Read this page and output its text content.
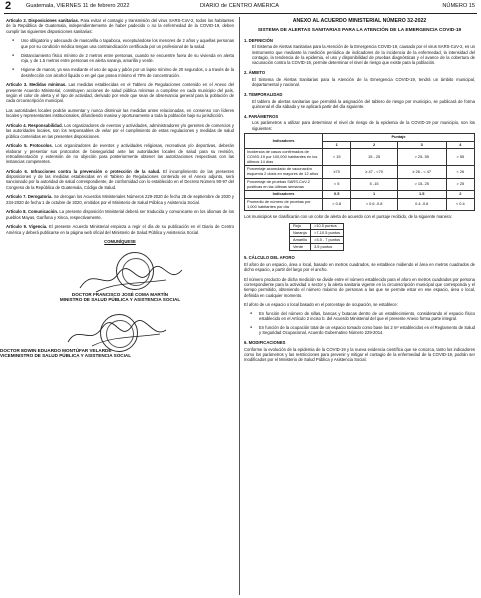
2	Guatemala, VIERNES 11 de febrero 2022	DIARIO de CENTRO AMÉRICA	NÚMERO 15

Artículo 2. Disposiciones sanitarias. Para evitar el contagio y transmisión del virus SARS-CoV-2, todos los habitantes de la República de Guatemala, independientemente de haber padecido o no la enfermedad de la COVID-19, deben cumplir las siguientes disposiciones sanitarias:

● Uso obligatorio y adecuado de mascarilla o tapaboca, exceptuándose los menores de 2 años y aquellas personas que por su condición médica tengan una contraindicación certificada por un profesional de la salud.
● Distanciamiento físico mínimo de 2 metros entre personas, cuando se encuentre fuera de su vivienda en alerta roja, y de 1.5 metros entre personas en alerta naranja, amarilla y verde.
● Higiene de manos, ya sea mediante el uso de agua y jabón por un lapso mínimo de 20 segundos, o a través de la desinfección con alcohol líquido o en gel que posea mínimo el 70% de concentración.

Artículo 3. Medidas mínimas. Las medidas establecidas en el Tablero de Regulaciones contenido en el Anexo del presente Acuerdo Ministerial, constituyen acciones de salud pública mínimas a cumplirse en cada municipio del país, según el color de alerta y el tipo de actividad, derivado por ende que sean de observancia general para la población de cada circunscripción municipal.

Las autoridades locales podrán aumentar y nunca disminuir las medidas antes relacionadas, en consenso con líderes locales y representantes institucionales, difundiendo masiva y oportunamente a toda la población bajo su jurisdicción.

Artículo 4. Responsabilidad. Los organizadores de eventos y actividades, administradores y/o gerentes de comercios y las autoridades locales, son los responsables de velar por el cumplimiento de estas regulaciones y medidas de salud pública contenidas en las presentes disposiciones.

Artículo 5. Protocolos. Los organizadores de eventos y actividades religiosas, recreativas y/o deportivas, deberán elaborar y presentar sus protocolos de bioseguridad ante las autoridades locales de salud para su revisión, retroalimentación y extensión de no objeción para posteriormente obtener las autorizaciones respectivas con las instancias competentes.

Artículo 6. Infracciones contra la prevención o protección de la salud. El incumplimiento de las presentes disposiciones y de las medidas establecidas en el Tablero de Regulaciones contenido en el Anexo adjunto, será sancionado por la autoridad de salud correspondiente, de conformidad con lo establecido en el Decreto Número 90-97 del Congreso de la República de Guatemala, Código de Salud.

Artículo 7. Derogatoria. Se derogan los Acuerdos Ministeriales Números 229-2020 de fecha 28 de septiembre de 2020 y 234-2020 de fecha 1 de octubre de 2020, emitidos por el Ministerio de Salud Pública y Asistencia Social.

Artículo 8. Comunicación. La presente disposición Ministerial deberá ser traducida y comunicarse en los idiomas de los pueblos Mayas, Garífuna y Xinca, respectivamente.

Artículo 9. Vigencia. El presente Acuerdo Ministerial empieza a regir el día de su publicación en el Diario de Centro América y deberá publicarse en la página web oficial del Ministerio de Salud Pública y Asistencia Social.

COMUNÍQUESE

DOCTOR FRANCISCO JOSÉ COMA MARTÍN
MINISTRO DE SALUD PÚBLICA Y ASISTENCIA SOCIAL
DOCTOR EDWIN EDUARDO MONTÚFAR VELARDE
VICEMINISTRO DE SALUD PÚBLICA Y ASISTENCIA SOCIAL
ANEXO AL ACUERDO MINISTERIAL NÚMERO 32-2022
SISTEMA DE ALERTAS SANITARIAS PARA LA ATENCIÓN DE LA EMERGENCIA COVID-19
1. DEFINICIÓN

El Sistema de Alertas Sanitarias para la Atención de la Emergencia COVID-19, causado por el virus SARS-CoV-2, es un instrumento que mediante la medición periódica de indicadores de la incidencia de la enfermedad, la intensidad del contagio, la tendencia de la epidemia, el uso y disponibilidad de pruebas diagnósticas y el avance de la cobertura de vacunación contra la COVID-19, permite determinar el nivel de riesgo que existe para la población.

2. ÁMBITO

El Sistema de Alertas Sanitarias para la Atención de la Emergencia COVID-19, tendrá un ámbito municipal, departamental y nacional.

3. TEMPORALIDAD

El tablero de alertas sanitarias que permitirá la asignación del tablero de riesgo por municipio, se publicará de forma quincenal el día sábado y se aplicará partir del día siguiente.

4. PARÁMETROS

Los parámetros a utilizar para determinar el nivel de riesgo de la epidemia de la COVID-19 por municipio, son los siguientes:

Indicadores	Puntaje			
	1	2	3	4
Incidencia de casos confirmados de COVID-19 por 100,000 habitantes en los últimos 14 días	< 15	15 - 25	> 25- 55	> 55
Porcentaje acumulado de vacunación esquema 2 dosis en mayores de 12 años	≥70	≥ 47 - <70	≥ 26 - < 47	< 26
Porcentaje de pruebas SARS-CoV-2 positivas en las últimas semanas	< 5	5 -15	> 15- 25	> 25
Indicadores	0.5	1	1.5	2
Promedio de número de pruebas por 1,000 habitantes por día	> 0.8	> 0.6 -0.8	0.4 -0.6	< 0.4

Los municipios se clasificarán con un color de alerta de acuerdo con el puntaje recibido, de la siguiente manera:

Rojo	>10.5 puntos
Naranja	>7-10.5 puntos
Amarillo	>3.5 - 7 puntos
Verde	3.5 puntos
5. CÁLCULO DEL AFORO

El aforo de un espacio, área o local, basado en metros cuadrados, se establece midiendo el área en metros cuadrados de dicho espacio, a partir del largo por el ancho.

El número producto de dicha medición se divide entre el número establecido para el aforo en metros cuadrados por persona correspondiente para la actividad o sector y la alerta sanitaria vigente en la circunscripción municipal que corresponda y el tiempo permitido, obteniendo el número máximo de personas a las que se permite estar en ese espacio, área o local, definida en cualquier momento.

El aforo de un espacio o local basado en el porcentaje de ocupación, se establece:

● En función del número de sillas, bancas y butacas dentro de un establecimiento, considerando el espacio físico establecido en el Artículo 2 inciso b. del Acuerdo Ministerial del que el presente Anexo forma parte integral.
● En función de la ocupación total de un espacio tomado como base los 2 m² establecidos en el Reglamento de Salud y Seguridad Ocupacional, Acuerdo Gubernativo Número 229-2014.
6. MODIFICACIONES

Conforme la evolución de la epidemia de la COVID-19 y la nueva evidencia científica que se conozca, tanto los indicadores como los parámetros y las restricciones para prevenir y mitigar el contagio de la enfermedad de la COVID-19, podrán ser modificados por el Ministerio de Salud Pública y Asistencia Social.
